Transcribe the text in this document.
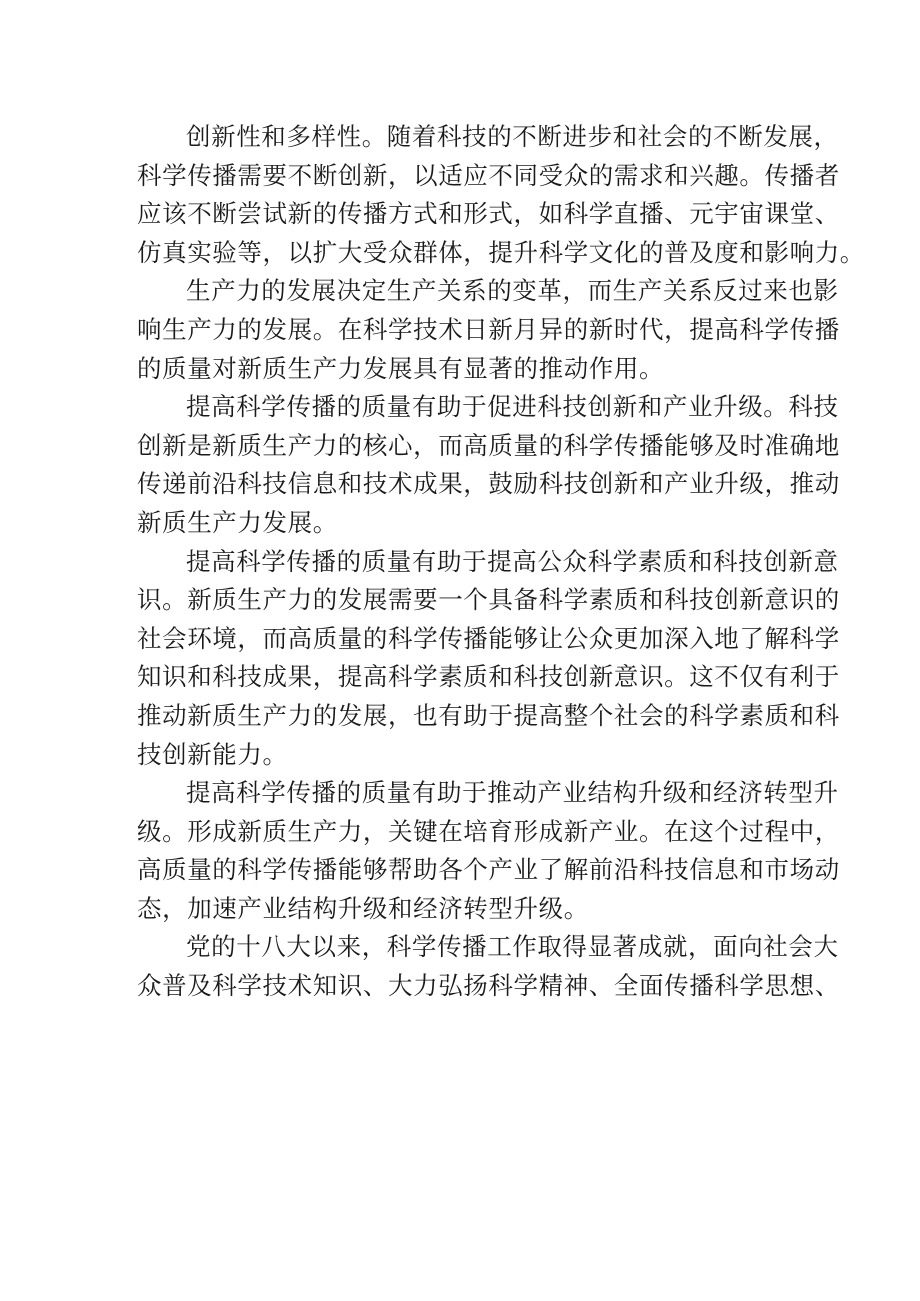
创新性和多样性。随着科技的不断进步和社会的不断发展，
科学传播需要不断创新，以适应不同受众的需求和兴趣。传播者
应该不断尝试新的传播方式和形式，如科学直播、元宇宙课堂、
仿真实验等，以扩大受众群体，提升科学文化的普及度和影响力。

生产力的发展决定生产关系的变革，而生产关系反过来也影
响生产力的发展。在科学技术日新月异的新时代，提高科学传播
的质量对新质生产力发展具有显著的推动作用。

提高科学传播的质量有助于促进科技创新和产业升级。科技
创新是新质生产力的核心，而高质量的科学传播能够及时准确地
传递前沿科技信息和技术成果，鼓励科技创新和产业升级，推动
新质生产力发展。

提高科学传播的质量有助于提高公众科学素质和科技创新意
识。新质生产力的发展需要一个具备科学素质和科技创新意识的
社会环境，而高质量的科学传播能够让公众更加深入地了解科学
知识和科技成果，提高科学素质和科技创新意识。这不仅有利于
推动新质生产力的发展，也有助于提高整个社会的科学素质和科
技创新能力。

提高科学传播的质量有助于推动产业结构升级和经济转型升
级。形成新质生产力，关键在培育形成新产业。在这个过程中，
高质量的科学传播能够帮助各个产业了解前沿科技信息和市场动
态，加速产业结构升级和经济转型升级。

党的十八大以来，科学传播工作取得显著成就，面向社会大
众普及科学技术知识、大力弘扬科学精神、全面传播科学思想、
